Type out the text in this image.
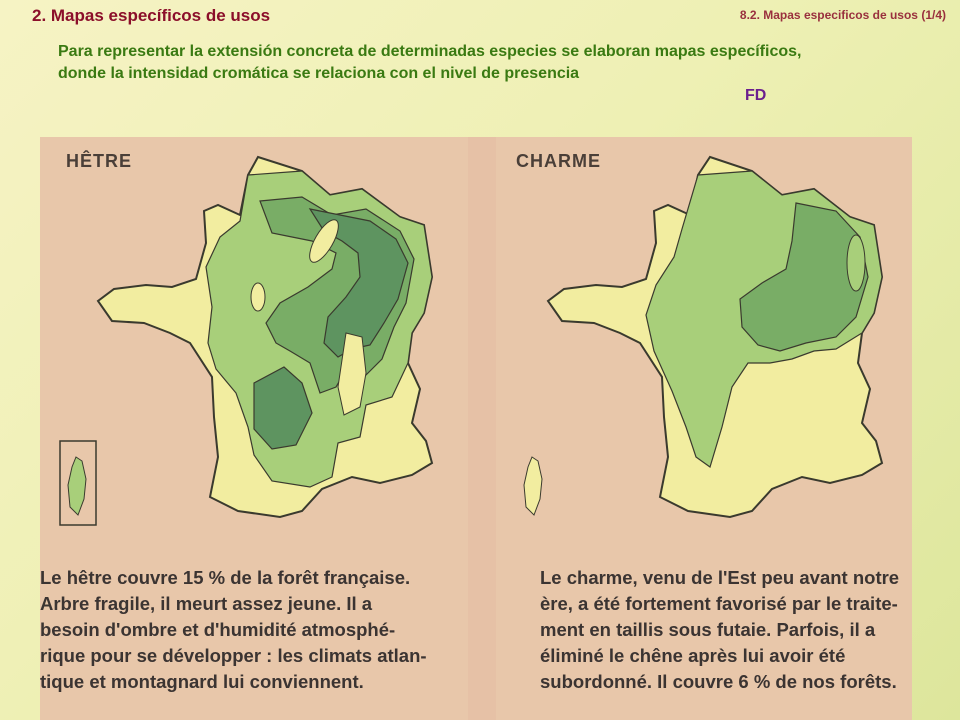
2. Mapas específicos de usos	8.2. Mapas especificos de usos (1/4)

Para representar la extensión concreta de determinadas especies se elaboran mapas específicos,
donde la intensidad cromática se relaciona con el nivel de presencia

FD
HÊTRE

Le hêtre couvre 15 % de la forêt française.
Arbre fragile, il meurt assez jeune. Il a
besoin d'ombre et d'humidité atmosphé-
rique pour se développer : les climats atlan-
tique et montagnard lui conviennent.

CHARME

Le charme, venu de l'Est peu avant notre
ère, a été fortement favorisé par le traite-
ment en taillis sous futaie. Parfois, il a
éliminé le chêne après lui avoir été
subordonné. Il couvre 6 % de nos forêts.
